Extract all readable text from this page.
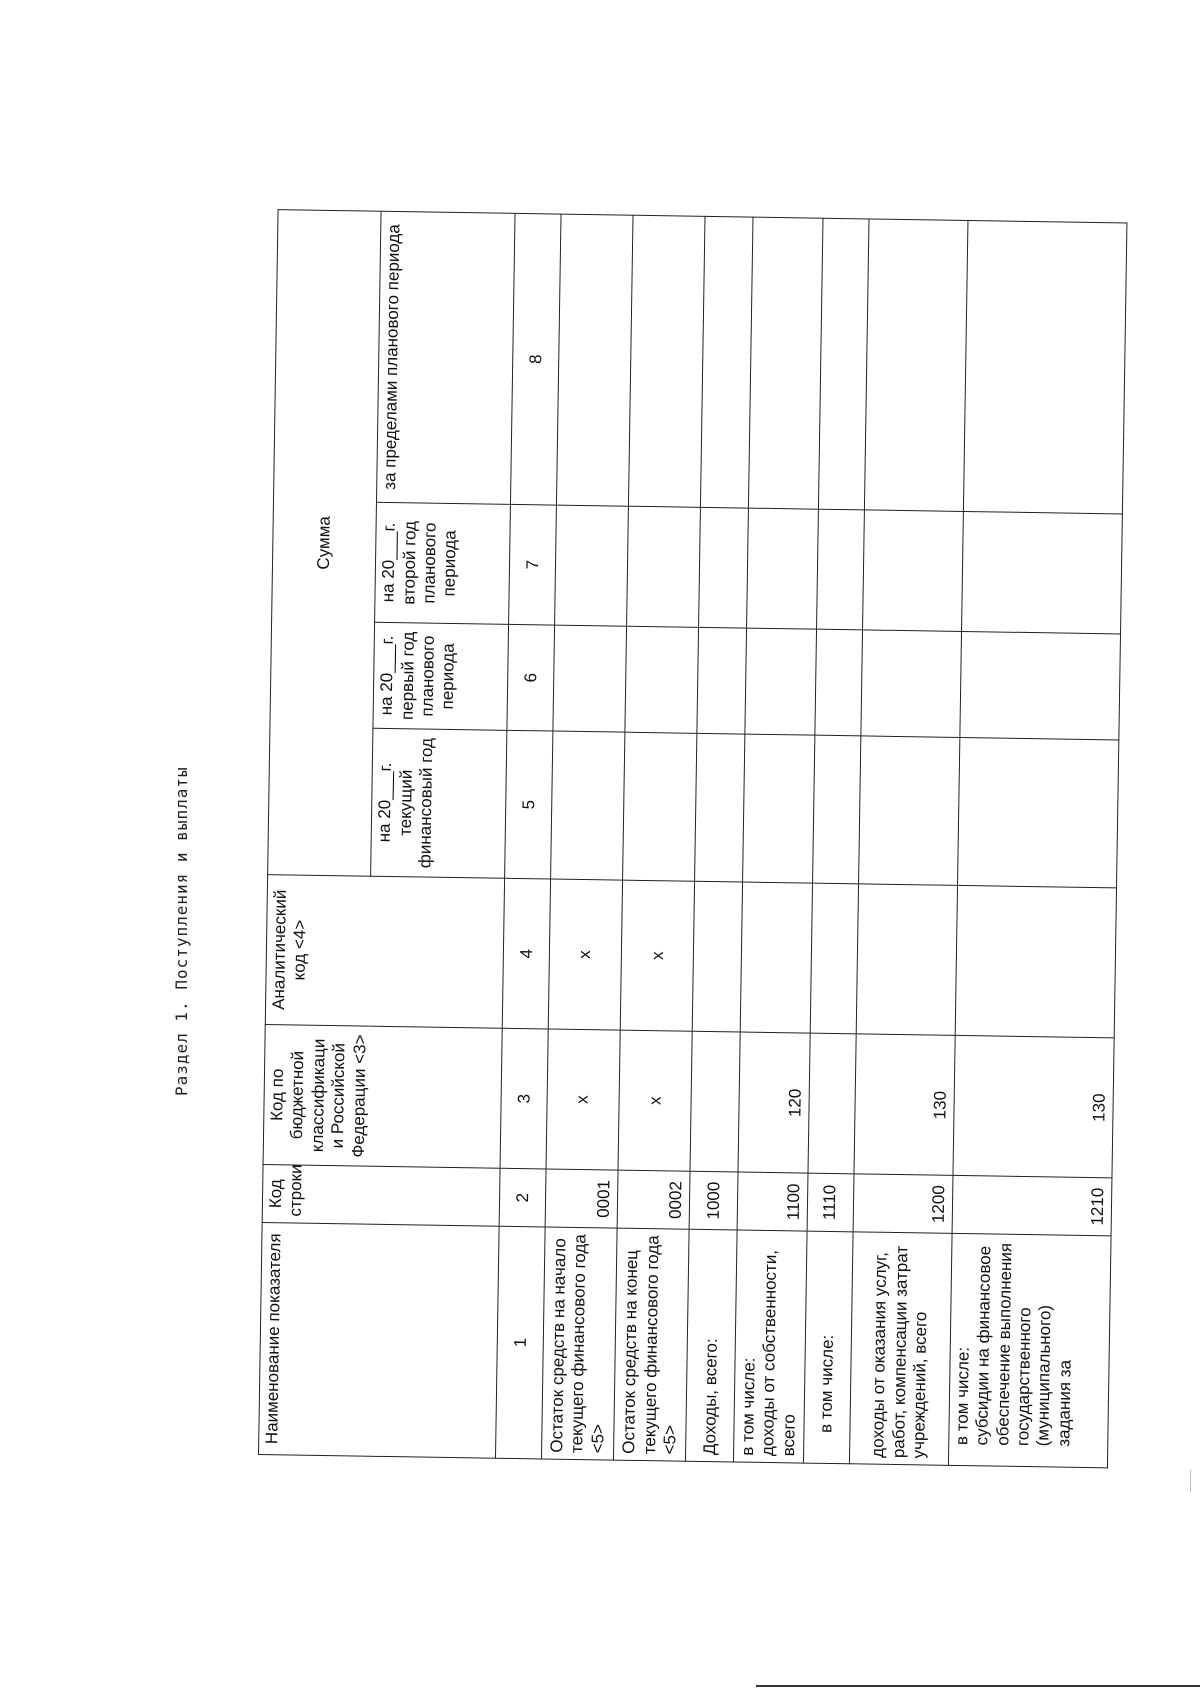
Раздел 1. Поступления и выплаты
Наименование показателя	Код строки	Код по бюджетной классификаци и Российской Федерации <3>	Аналитический код <4>	Сумма			
				на 20___г. текущий финансовый год	на 20___г. первый год планового периода	на 20___г. второй год планового периода	за пределами планового периода
1	2	3	4	5	6	7	8
Остаток средств на начало текущего финансового года <5>	0001	x	x				
Остаток средств на конец текущего финансового года <5>	0002	x	x				
Доходы, всего:	1000						

в том числе: доходы от собственности, всего	1100	120					
в том числе:	1110						
доходы от оказания услуг, работ, компенсации затрат учреждений, всего	1200	130					

в том числе: субсидии на финансовое обеспечение выполнения государственного (муниципального) задания за	1210	130					
